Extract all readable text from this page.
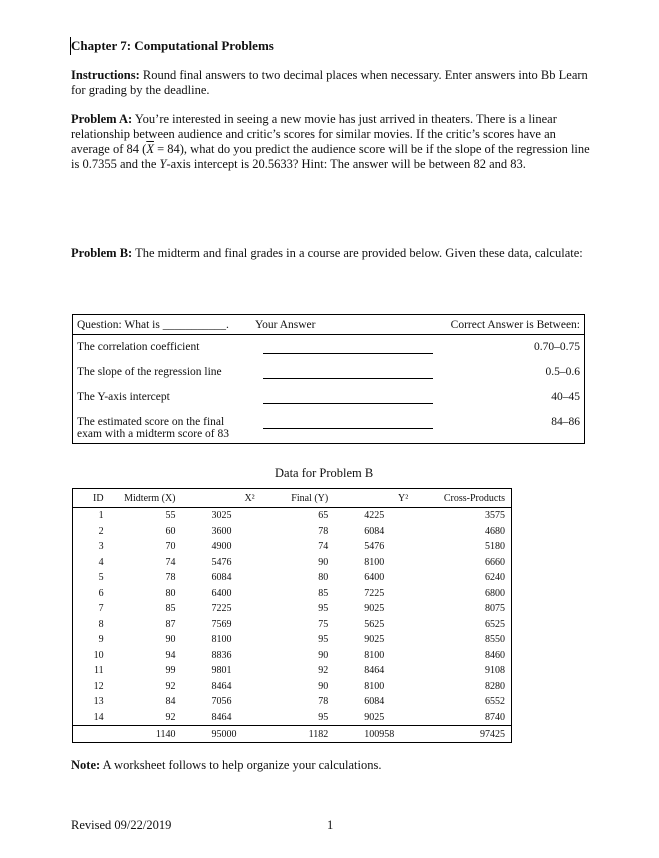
Chapter 7: Computational Problems

Instructions: Round final answers to two decimal places when necessary. Enter answers into Bb Learn for grading by the deadline.

Problem A: You’re interested in seeing a new movie has just arrived in theaters. There is a linear relationship between audience and critic’s scores for similar movies. If the critic’s scores have an average of 84 $(\overline{X} = 84)$, what do you predict the audience score will be if the slope of the regression line is 0.7355 and the Y-axis intercept is 20.5633? Hint: The answer will be between 82 and 83.

Problem B: The midterm and final grades in a course are provided below. Given these data, calculate:

Question: What is ___________.	Your Answer	Correct Answer is Between:
The correlation coefficient		0.70–0.75
The slope of the regression line		0.5–0.6
The Y-axis intercept		40–45
The estimated score on the final exam with a midterm score of 83		84–86
Data for Problem B
ID	Midterm (X)	X²	Final (Y)	Y²	Cross-Products
1	55	3025	65	4225	3575
2	60	3600	78	6084	4680
3	70	4900	74	5476	5180
4	74	5476	90	8100	6660
5	78	6084	80	6400	6240
6	80	6400	85	7225	6800
7	85	7225	95	9025	8075
8	87	7569	75	5625	6525
9	90	8100	95	9025	8550
10	94	8836	90	8100	8460
11	99	9801	92	8464	9108
12	92	8464	90	8100	8280
13	84	7056	78	6084	6552
14	92	8464	95	9025	8740
	1140	95000	1182	100958	97425

Note: A worksheet follows to help organize your calculations.

Revised 09/22/2019	1
